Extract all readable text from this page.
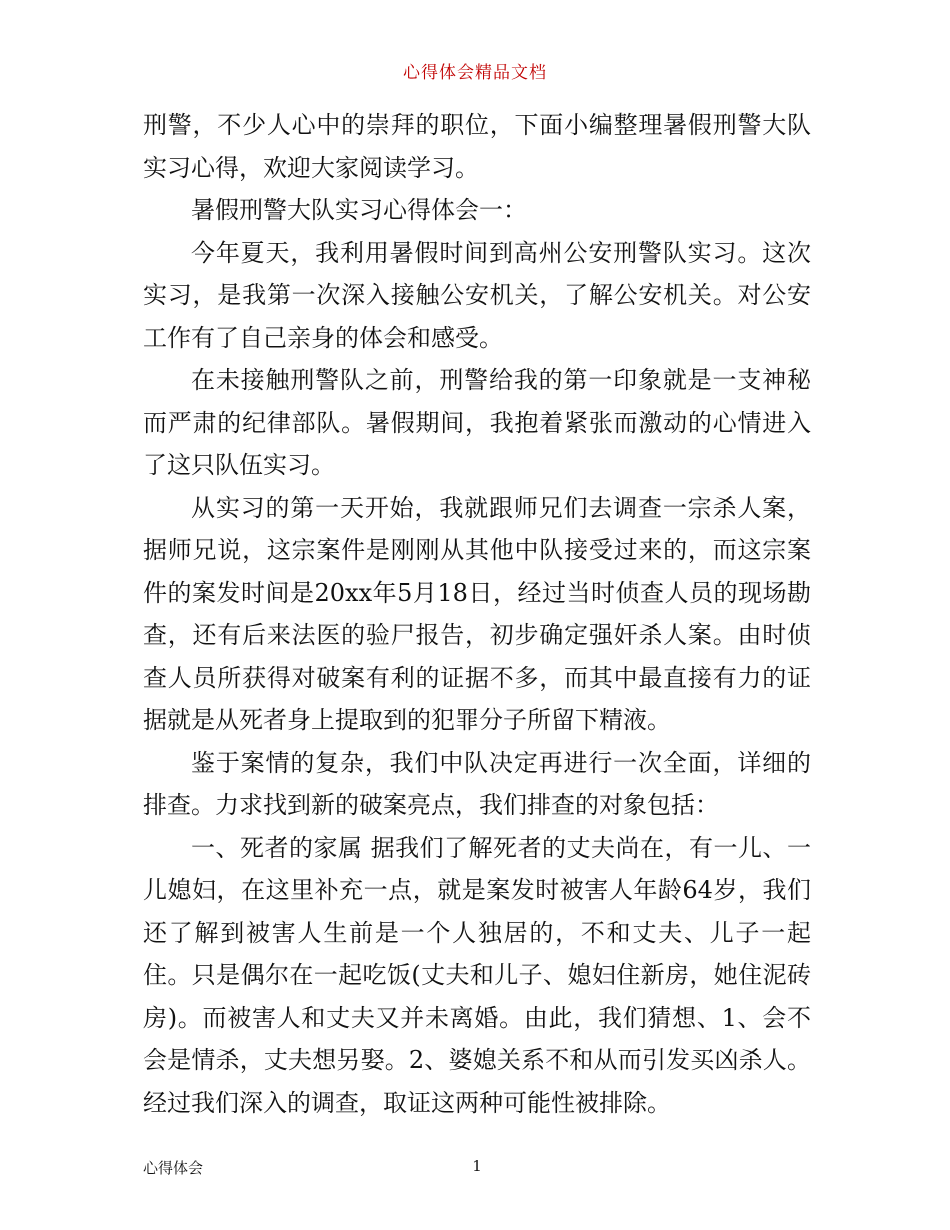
心得体会精品文档

刑警，不少人心中的崇拜的职位，下面小编整理暑假刑警大队实习心得，欢迎大家阅读学习。

暑假刑警大队实习心得体会一：

今年夏天，我利用暑假时间到高州公安刑警队实习。这次实习，是我第一次深入接触公安机关，了解公安机关。对公安工作有了自己亲身的体会和感受。

在未接触刑警队之前，刑警给我的第一印象就是一支神秘而严肃的纪律部队。暑假期间，我抱着紧张而激动的心情进入了这只队伍实习。

从实习的第一天开始，我就跟师兄们去调查一宗杀人案，据师兄说，这宗案件是刚刚从其他中队接受过来的，而这宗案件的案发时间是20xx年5月18日，经过当时侦查人员的现场勘查，还有后来法医的验尸报告，初步确定强奸杀人案。由时侦查人员所获得对破案有利的证据不多，而其中最直接有力的证据就是从死者身上提取到的犯罪分子所留下精液。

鉴于案情的复杂，我们中队决定再进行一次全面，详细的排查。力求找到新的破案亮点，我们排查的对象包括：

一、死者的家属 据我们了解死者的丈夫尚在，有一儿、一儿媳妇，在这里补充一点，就是案发时被害人年龄64岁，我们还了解到被害人生前是一个人独居的，不和丈夫、儿子一起住。只是偶尔在一起吃饭(丈夫和儿子、媳妇住新房，她住泥砖房)。而被害人和丈夫又并未离婚。由此，我们猜想、1、会不会是情杀，丈夫想另娶。2、婆媳关系不和从而引发买凶杀人。经过我们深入的调查，取证这两种可能性被排除。

心得体会	1
